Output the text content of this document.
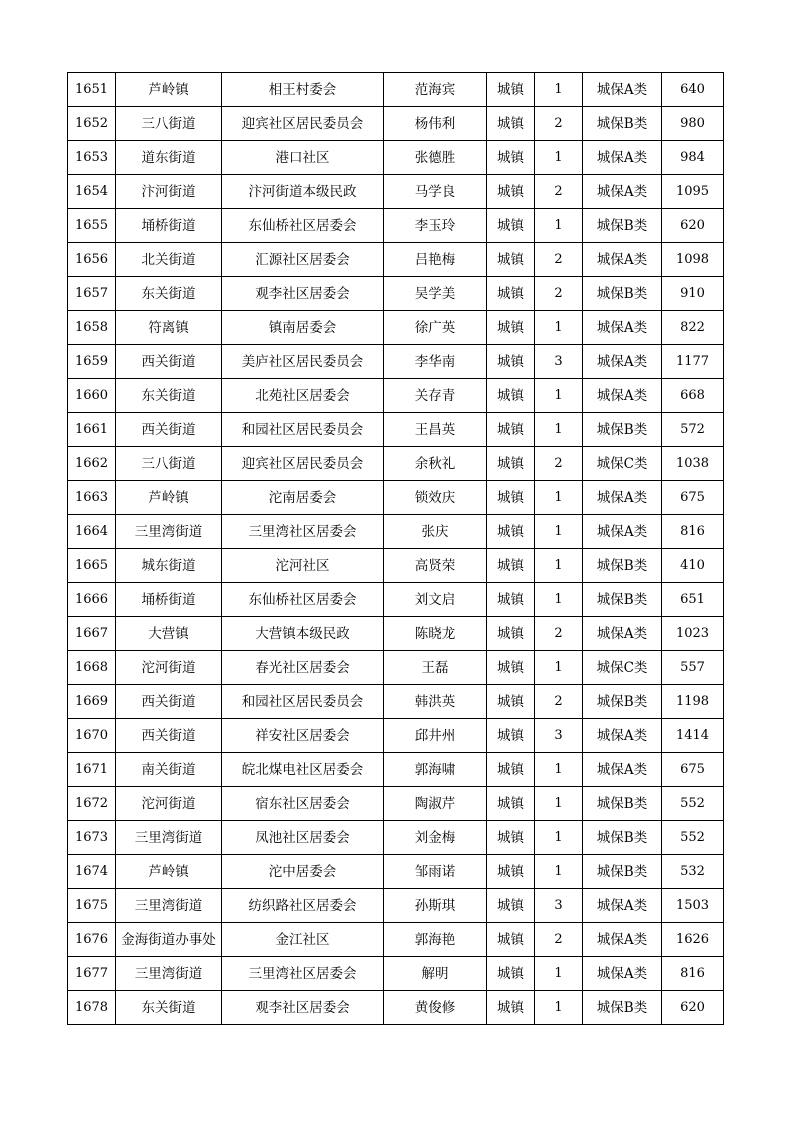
1651	芦岭镇	相王村委会	范海宾	城镇	1	城保A类	640
1652	三八街道	迎宾社区居民委员会	杨伟利	城镇	2	城保B类	980
1653	道东街道	港口社区	张德胜	城镇	1	城保A类	984
1654	汴河街道	汴河街道本级民政	马学良	城镇	2	城保A类	1095
1655	埇桥街道	东仙桥社区居委会	李玉玲	城镇	1	城保B类	620
1656	北关街道	汇源社区居委会	吕艳梅	城镇	2	城保A类	1098
1657	东关街道	观李社区居委会	吴学美	城镇	2	城保B类	910
1658	符离镇	镇南居委会	徐广英	城镇	1	城保A类	822
1659	西关街道	美庐社区居民委员会	李华南	城镇	3	城保A类	1177
1660	东关街道	北苑社区居委会	关存青	城镇	1	城保A类	668
1661	西关街道	和园社区居民委员会	王昌英	城镇	1	城保B类	572
1662	三八街道	迎宾社区居民委员会	余秋礼	城镇	2	城保C类	1038
1663	芦岭镇	沱南居委会	锁效庆	城镇	1	城保A类	675
1664	三里湾街道	三里湾社区居委会	张庆	城镇	1	城保A类	816
1665	城东街道	沱河社区	高贤荣	城镇	1	城保B类	410
1666	埇桥街道	东仙桥社区居委会	刘文启	城镇	1	城保B类	651
1667	大营镇	大营镇本级民政	陈晓龙	城镇	2	城保A类	1023
1668	沱河街道	春光社区居委会	王磊	城镇	1	城保C类	557
1669	西关街道	和园社区居民委员会	韩洪英	城镇	2	城保B类	1198
1670	西关街道	祥安社区居委会	邱井州	城镇	3	城保A类	1414
1671	南关街道	皖北煤电社区居委会	郭海啸	城镇	1	城保A类	675
1672	沱河街道	宿东社区居委会	陶淑芹	城镇	1	城保B类	552
1673	三里湾街道	凤池社区居委会	刘金梅	城镇	1	城保B类	552
1674	芦岭镇	沱中居委会	邹雨诺	城镇	1	城保B类	532
1675	三里湾街道	纺织路社区居委会	孙斯琪	城镇	3	城保A类	1503
1676	金海街道办事处	金江社区	郭海艳	城镇	2	城保A类	1626
1677	三里湾街道	三里湾社区居委会	解明	城镇	1	城保A类	816
1678	东关街道	观李社区居委会	黄俊修	城镇	1	城保B类	620
